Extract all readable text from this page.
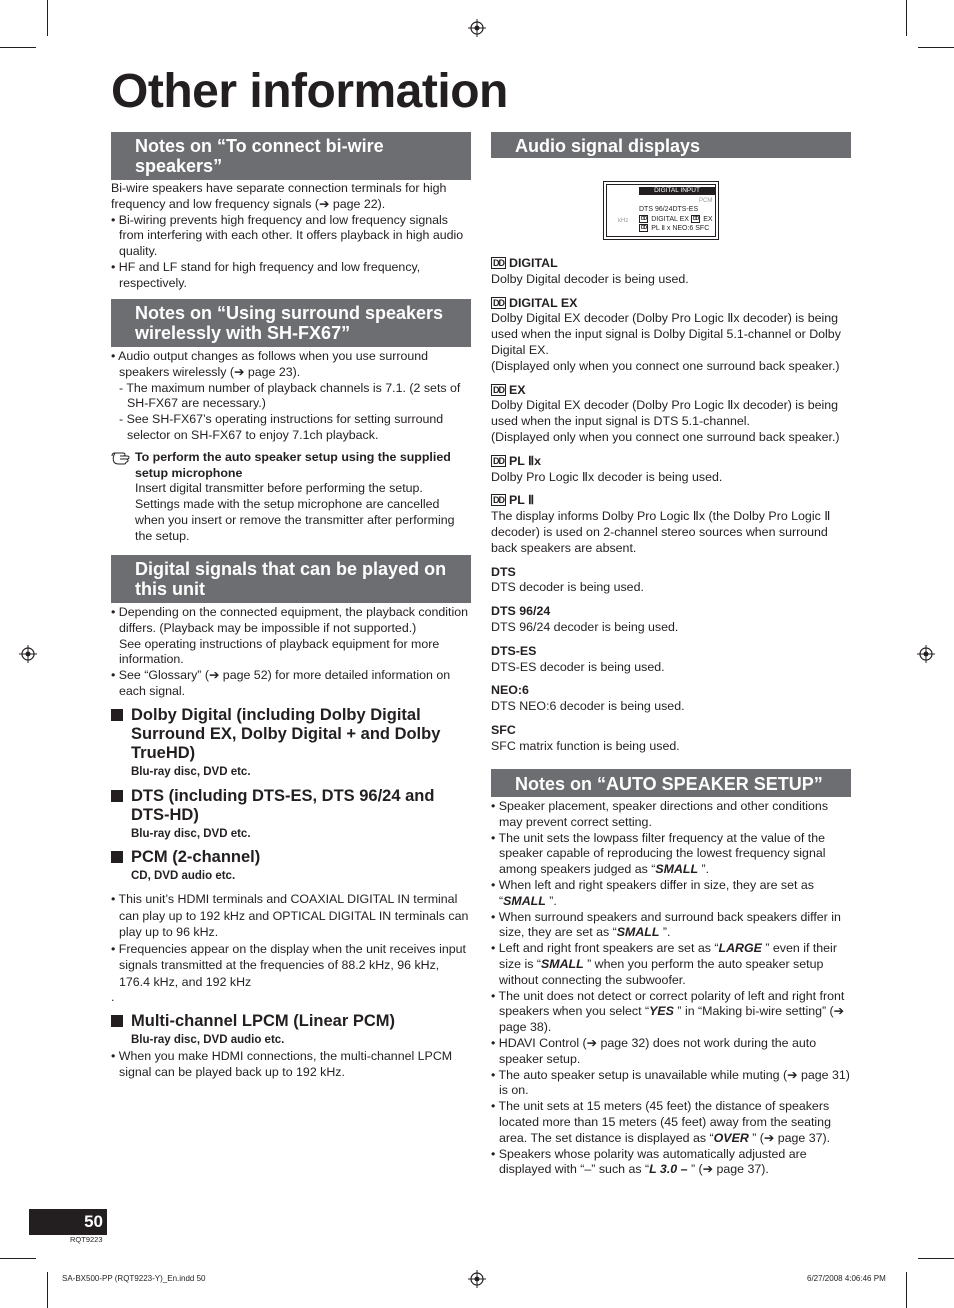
Other information
Notes on “To connect bi-wire speakers”

Bi-wire speakers have separate connection terminals for high frequency and low frequency signals (➔ page 22).

• Bi-wiring prevents high frequency and low frequency signals from interfering with each other. It offers playback in high audio quality.

• HF and LF stand for high frequency and low frequency, respectively.

Notes on “Using surround speakers wirelessly with SH-FX67”

• Audio output changes as follows when you use surround speakers wirelessly (➔ page 23).

- The maximum number of playback channels is 7.1. (2 sets of SH-FX67 are necessary.)

- See SH-FX67’s operating instructions for setting surround selector on SH-FX67 to enjoy 7.1ch playback.

To perform the auto speaker setup using the supplied setup microphone
Insert digital transmitter before performing the setup. Settings made with the setup microphone are cancelled when you insert or remove the transmitter after performing the setup.

Digital signals that can be played on this unit

• Depending on the connected equipment, the playback condition differs. (Playback may be impossible if not supported.)

See operating instructions of playback equipment for more information.

• See “Glossary” (➔ page 52) for more detailed information on each signal.

Dolby Digital (including Dolby Digital Surround EX, Dolby Digital + and Dolby TrueHD)

Blu-ray disc, DVD etc.

DTS (including DTS-ES, DTS 96/24 and DTS-HD)

Blu-ray disc, DVD etc.

PCM (2-channel)

CD, DVD audio etc.

• This unit’s HDMI terminals and COAXIAL DIGITAL IN terminal can play up to 192 kHz and OPTICAL DIGITAL IN terminals can play up to 96 kHz.

• Frequencies appear on the display when the unit receives input signals transmitted at the frequencies of 88.2 kHz, 96 kHz, 176.4 kHz, and 192 kHz

.

Multi-channel LPCM (Linear PCM)

Blu-ray disc, DVD audio etc.

• When you make HDMI connections, the multi-channel LPCM signal can be played back up to 192 kHz.

Audio signal displays
DIGITAL INPUT
DTS 96/24DTS-ES
DD DIGITAL EX DD EX
DD PL Ⅱ x NEO:6 SFC
kHz
PCM

DD DIGITAL

Dolby Digital decoder is being used.

DD DIGITAL EX

Dolby Digital EX decoder (Dolby Pro Logic Ⅱx decoder) is being used when the input signal is Dolby Digital 5.1-channel or Dolby Digital EX.

(Displayed only when you connect one surround back speaker.)

DD EX

Dolby Digital EX decoder (Dolby Pro Logic Ⅱx decoder) is being used when the input signal is DTS 5.1-channel.

(Displayed only when you connect one surround back speaker.)

DD PL Ⅱx

Dolby Pro Logic Ⅱx decoder is being used.

DD PL Ⅱ

The display informs Dolby Pro Logic Ⅱx (the Dolby Pro Logic Ⅱ decoder) is used on 2-channel stereo sources when surround back speakers are absent.

DTS

DTS decoder is being used.

DTS 96/24

DTS 96/24 decoder is being used.

DTS-ES

DTS-ES decoder is being used.

NEO:6

DTS NEO:6 decoder is being used.

SFC

SFC matrix function is being used.

Notes on “AUTO SPEAKER SETUP”

• Speaker placement, speaker directions and other conditions may prevent correct setting.

• The unit sets the lowpass filter frequency at the value of the speaker capable of reproducing the lowest frequency signal among speakers judged as “SMALL ”.

• When left and right speakers differ in size, they are set as “SMALL ”.

• When surround speakers and surround back speakers differ in size, they are set as “SMALL ”.

• Left and right front speakers are set as “LARGE ” even if their size is “SMALL ” when you perform the auto speaker setup without connecting the subwoofer.

• The unit does not detect or correct polarity of left and right front speakers when you select “YES ” in “Making bi-wire setting” (➔ page 38).

• HDAVI Control (➔ page 32) does not work during the auto speaker setup.

• The auto speaker setup is unavailable while muting (➔ page 31) is on.

• The unit sets at 15 meters (45 feet) the distance of speakers located more than 15 meters (45 feet) away from the seating area. The set distance is displayed as “OVER ” (➔ page 37).

• Speakers whose polarity was automatically adjusted are displayed with “–” such as “L 3.0 – ” (➔ page 37).

50
RQT9223
SA-BX500-PP (RQT9223-Y)_En.indd 50	6/27/2008 4:06:46 PM
